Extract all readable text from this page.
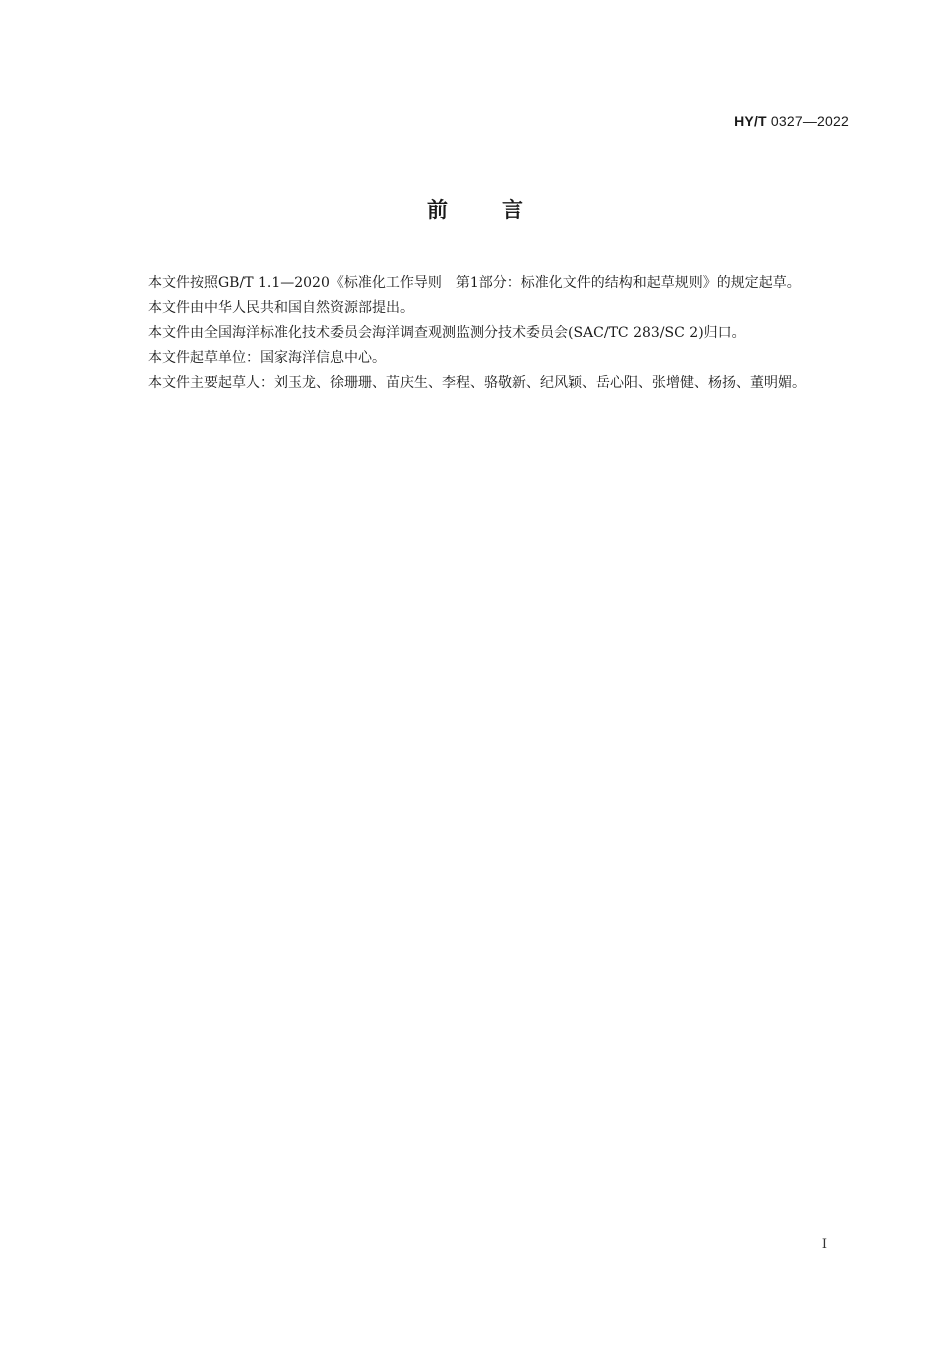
HY/T 0327—2022
前	言

本文件按照GB/T 1.1—2020《标准化工作导则　第1部分：标准化文件的结构和起草规则》的规定起草。

本文件由中华人民共和国自然资源部提出。

本文件由全国海洋标准化技术委员会海洋调查观测监测分技术委员会(SAC/TC 283/SC 2)归口。

本文件起草单位：国家海洋信息中心。

本文件主要起草人：刘玉龙、徐珊珊、苗庆生、李程、骆敬新、纪风颖、岳心阳、张增健、杨扬、董明媚。

I
